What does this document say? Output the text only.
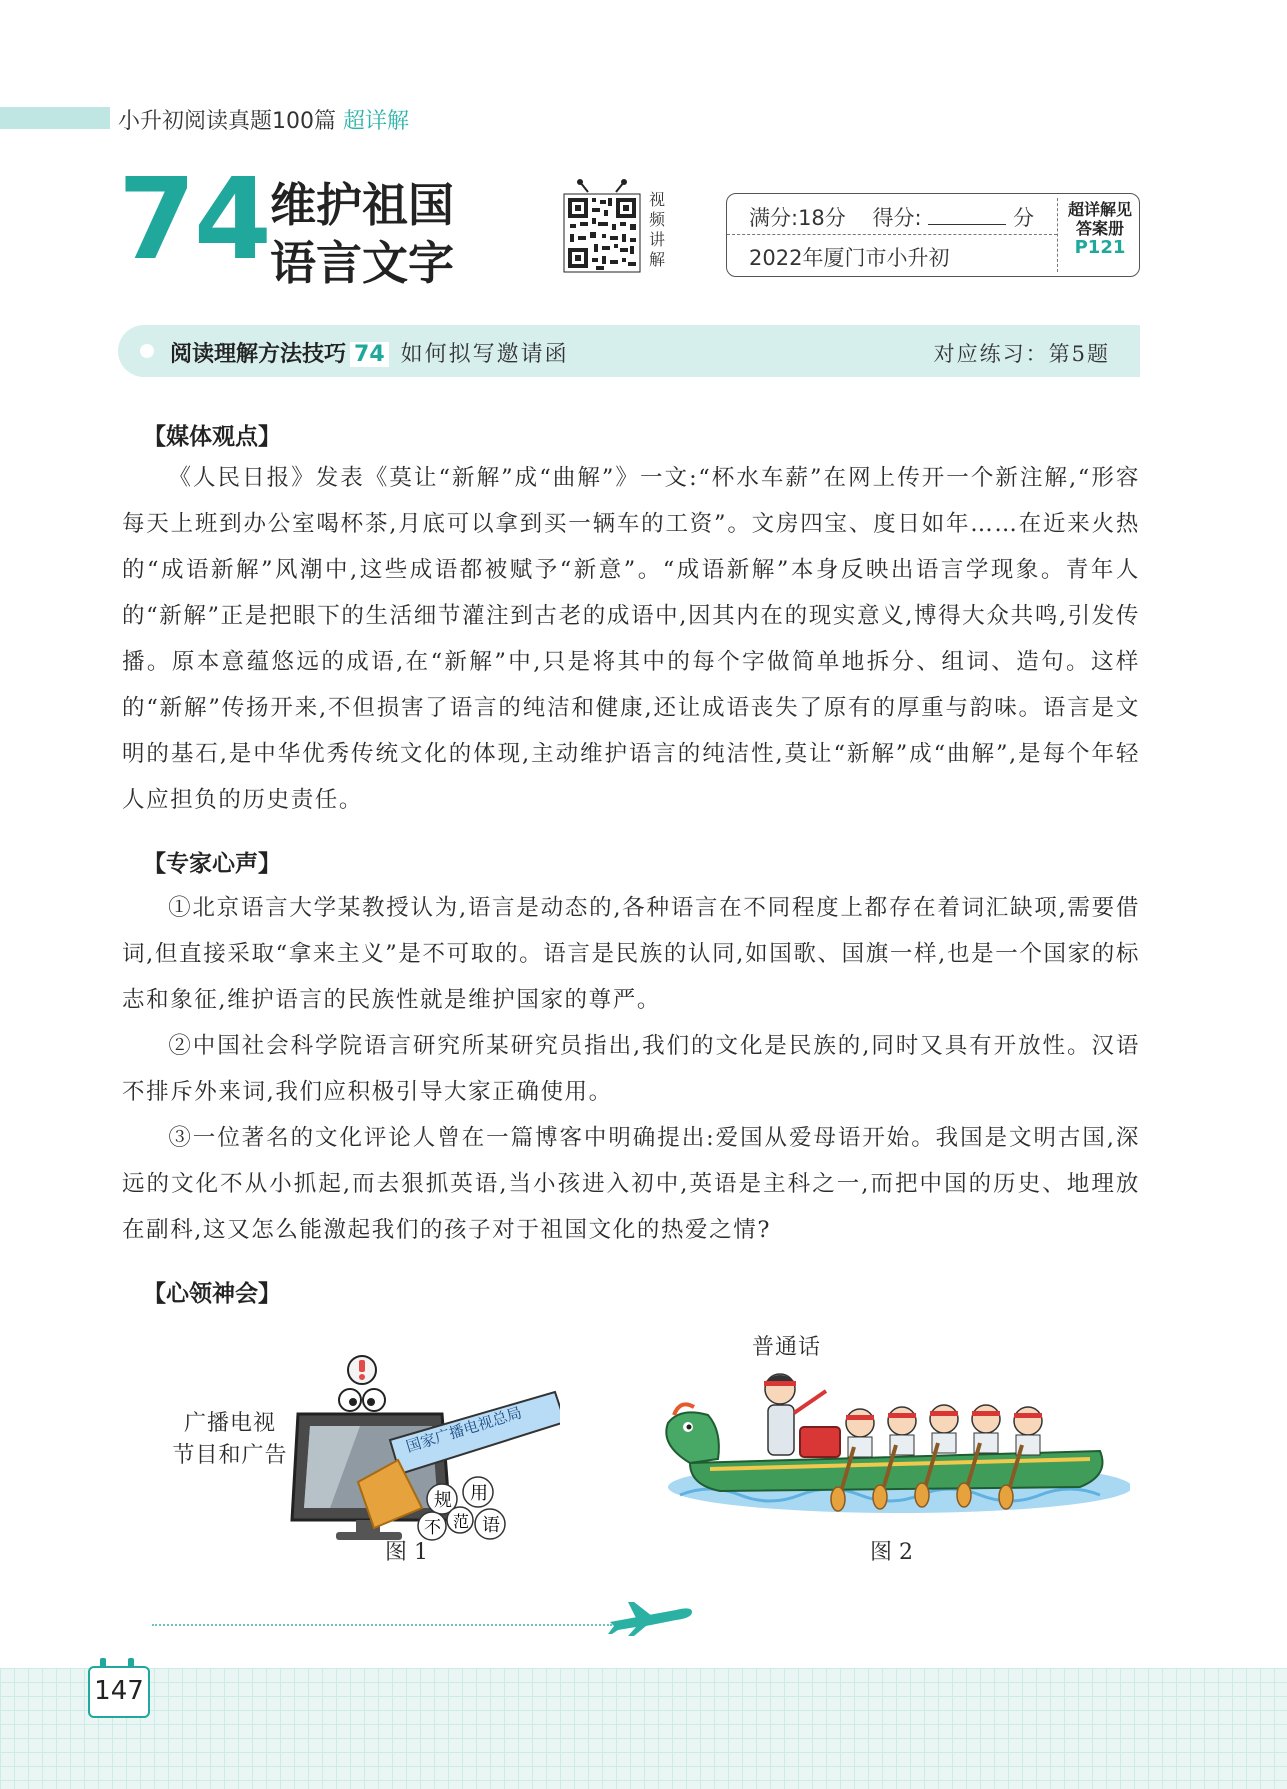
小升初阅读真题100篇 超详解
74 维护祖国
语言文字
视频讲解
满分:18分 得分:	分
2022年厦门市小升初
超详解见
答案册
P121
阅读理解方法技巧 74 如何拟写邀请函	对应练习：第5题
【媒体观点】

《人民日报》发表《莫让“新解”成“曲解”》一文:“杯水车薪”在网上传开一个新注解,“形容每天上班到办公室喝杯茶,月底可以拿到买一辆车的工资”。文房四宝、度日如年……在近来火热的“成语新解”风潮中,这些成语都被赋予“新意”。“成语新解”本身反映出语言学现象。青年人的“新解”正是把眼下的生活细节灌注到古老的成语中,因其内在的现实意义,博得大众共鸣,引发传播。原本意蕴悠远的成语,在“新解”中,只是将其中的每个字做简单地拆分、组词、造句。这样的“新解”传扬开来,不但损害了语言的纯洁和健康,还让成语丧失了原有的厚重与韵味。语言是文明的基石,是中华优秀传统文化的体现,主动维护语言的纯洁性,莫让“新解”成“曲解”,是每个年轻人应担负的历史责任。

【专家心声】

①北京语言大学某教授认为,语言是动态的,各种语言在不同程度上都存在着词汇缺项,需要借词,但直接采取“拿来主义”是不可取的。语言是民族的认同,如国歌、国旗一样,也是一个国家的标志和象征,维护语言的民族性就是维护国家的尊严。

②中国社会科学院语言研究所某研究员指出,我们的文化是民族的,同时又具有开放性。汉语不排斥外来词,我们应积极引导大家正确使用。

③一位著名的文化评论人曾在一篇博客中明确提出:爱国从爱母语开始。我国是文明古国,深远的文化不从小抓起,而去狠抓英语,当小孩进入初中,英语是主科之一,而把中国的历史、地理放在副科,这又怎么能激起我们的孩子对于祖国文化的热爱之情?

【心领神会】
广播电视
节目和广告	国家广播电视总局
规 用
不 范 语
图 1
普通话
图 2
147
